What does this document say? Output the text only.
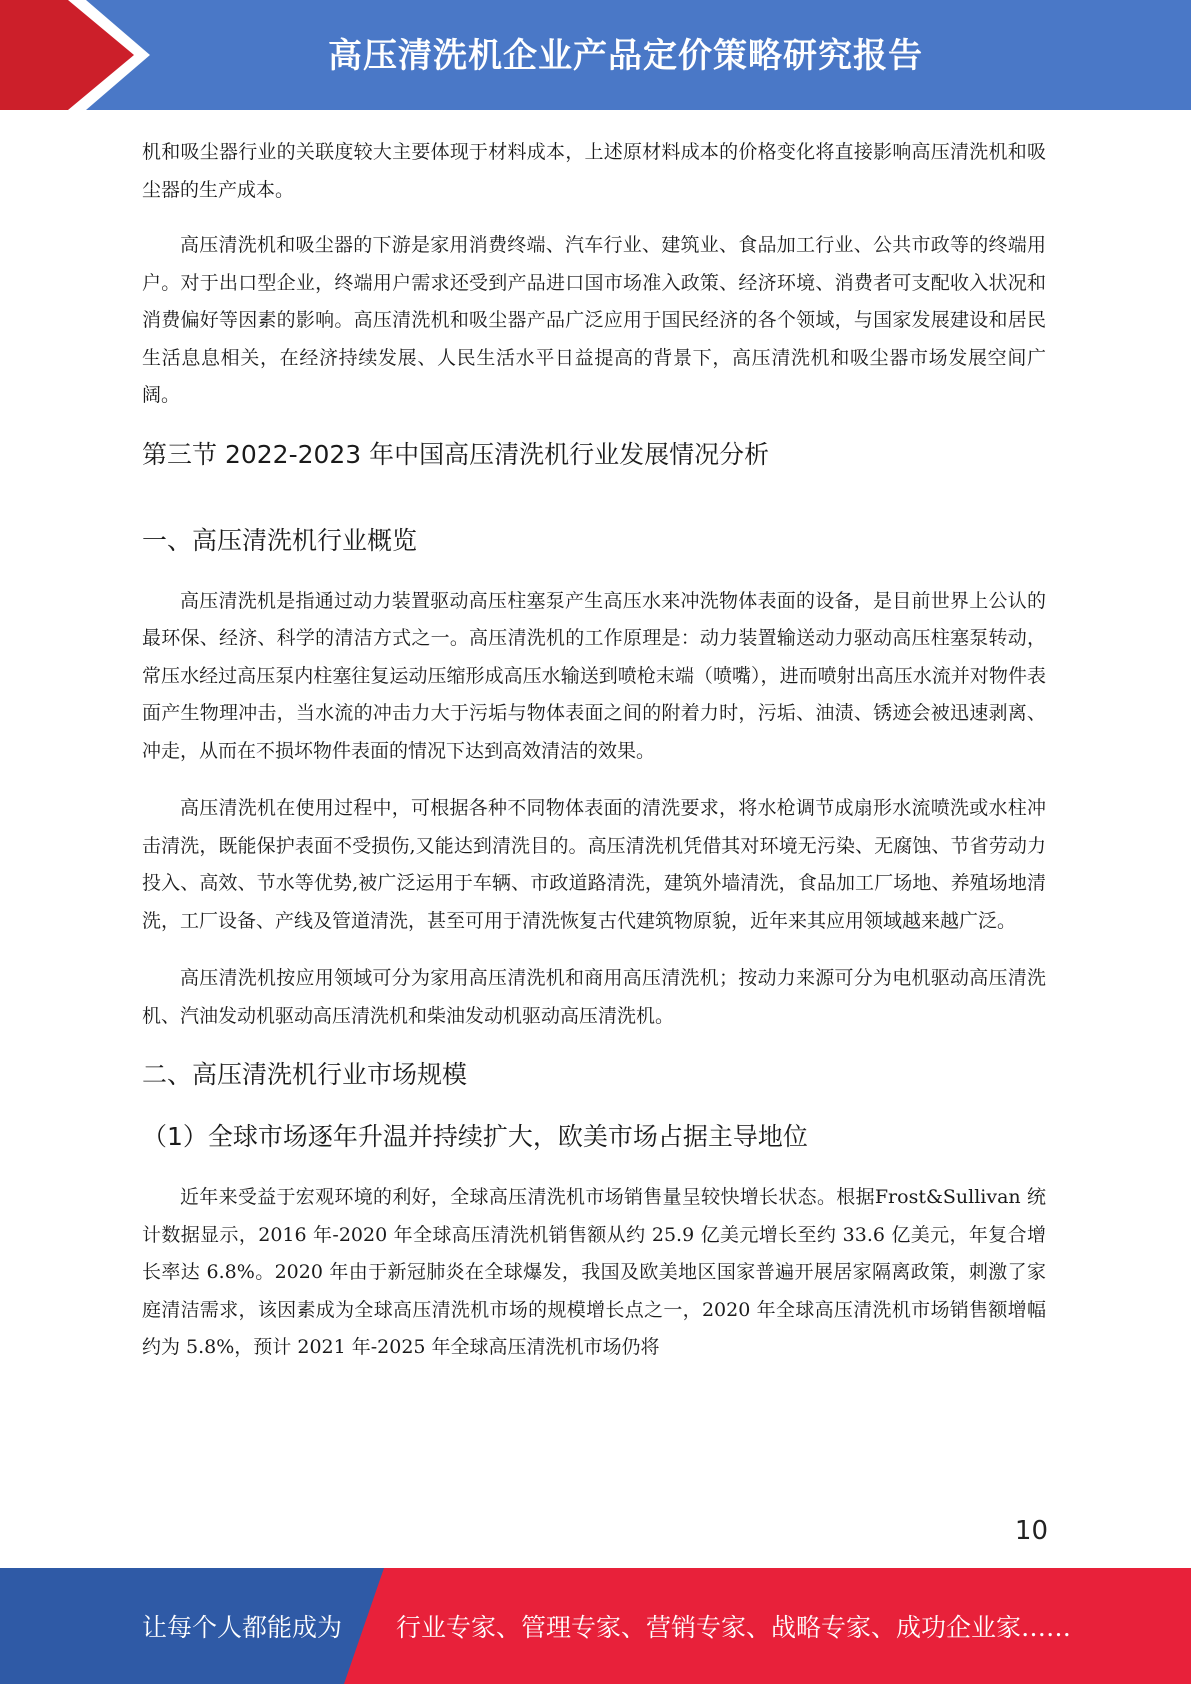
高压清洗机企业产品定价策略研究报告

机和吸尘器行业的关联度较大主要体现于材料成本，上述原材料成本的价格变化将直接影响高压清洗机和吸尘器的生产成本。

高压清洗机和吸尘器的下游是家用消费终端、汽车行业、建筑业、食品加工行业、公共市政等的终端用户。对于出口型企业，终端用户需求还受到产品进口国市场准入政策、经济环境、消费者可支配收入状况和消费偏好等因素的影响。高压清洗机和吸尘器产品广泛应用于国民经济的各个领域，与国家发展建设和居民生活息息相关，在经济持续发展、人民生活水平日益提高的背景下，高压清洗机和吸尘器市场发展空间广阔。

第三节 2022-2023 年中国高压清洗机行业发展情况分析
一、高压清洗机行业概览

高压清洗机是指通过动力装置驱动高压柱塞泵产生高压水来冲洗物体表面的设备，是目前世界上公认的最环保、经济、科学的清洁方式之一。高压清洗机的工作原理是：动力装置输送动力驱动高压柱塞泵转动，常压水经过高压泵内柱塞往复运动压缩形成高压水输送到喷枪末端（喷嘴），进而喷射出高压水流并对物件表面产生物理冲击，当水流的冲击力大于污垢与物体表面之间的附着力时，污垢、油渍、锈迹会被迅速剥离、冲走，从而在不损坏物件表面的情况下达到高效清洁的效果。

高压清洗机在使用过程中，可根据各种不同物体表面的清洗要求，将水枪调节成扇形水流喷洗或水柱冲击清洗，既能保护表面不受损伤,又能达到清洗目的。高压清洗机凭借其对环境无污染、无腐蚀、节省劳动力投入、高效、节水等优势,被广泛运用于车辆、市政道路清洗，建筑外墙清洗，食品加工厂场地、养殖场地清洗，工厂设备、产线及管道清洗，甚至可用于清洗恢复古代建筑物原貌，近年来其应用领域越来越广泛。

高压清洗机按应用领域可分为家用高压清洗机和商用高压清洗机；按动力来源可分为电机驱动高压清洗机、汽油发动机驱动高压清洗机和柴油发动机驱动高压清洗机。

二、高压清洗机行业市场规模
（1）全球市场逐年升温并持续扩大，欧美市场占据主导地位

近年来受益于宏观环境的利好，全球高压清洗机市场销售量呈较快增长状态。根据Frost&Sullivan 统计数据显示，2016 年-2020 年全球高压清洗机销售额从约 25.9 亿美元增长至约 33.6 亿美元，年复合增长率达 6.8%。2020 年由于新冠肺炎在全球爆发，我国及欧美地区国家普遍开展居家隔离政策，刺激了家庭清洁需求，该因素成为全球高压清洗机市场的规模增长点之一，2020 年全球高压清洗机市场销售额增幅约为 5.8%，预计 2021 年-2025 年全球高压清洗机市场仍将

10
让每个人都能成为 行业专家、管理专家、营销专家、战略专家、成功企业家……
